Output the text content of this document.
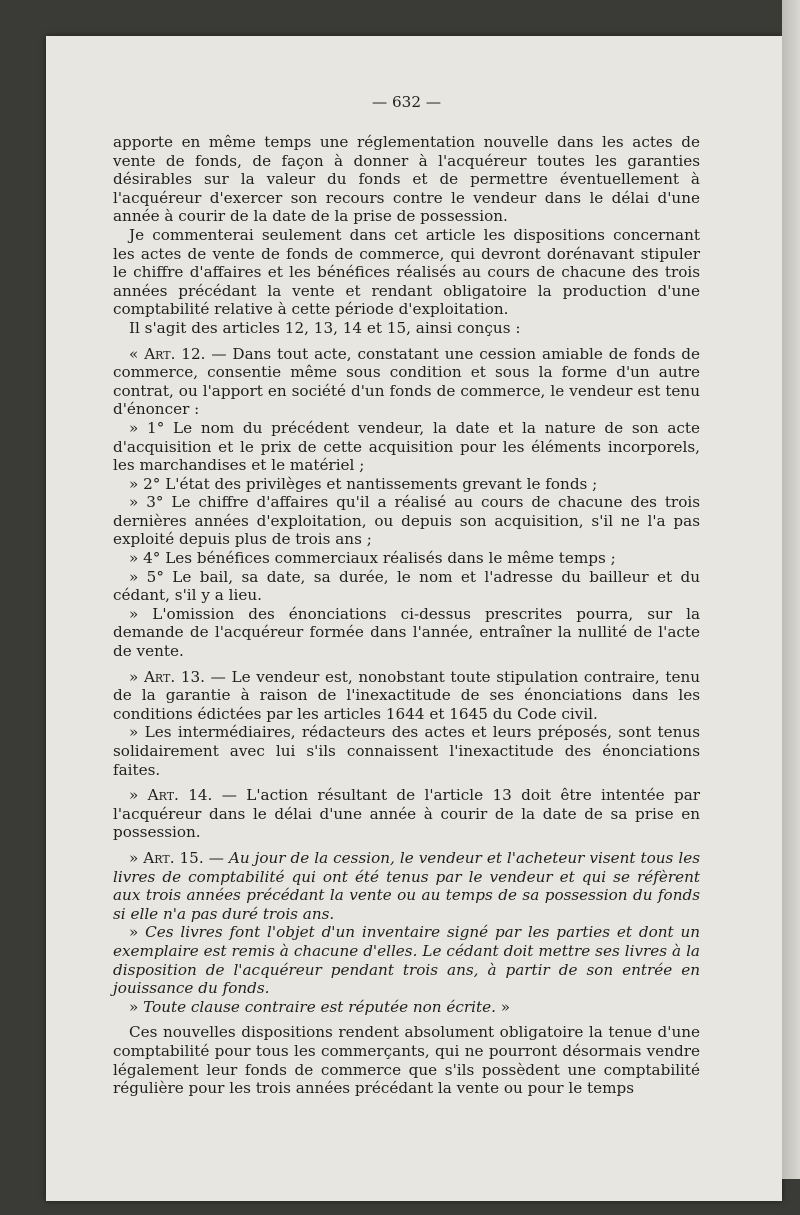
— 632 —

apporte en même temps une réglementation nouvelle dans les actes de vente de fonds, de façon à donner à l'acquéreur toutes les garanties désirables sur la valeur du fonds et de permettre éventuellement à l'acquéreur d'exercer son recours contre le vendeur dans le délai d'une année à courir de la date de la prise de possession.

Je commenterai seulement dans cet article les dispositions concernant les actes de vente de fonds de commerce, qui devront dorénavant stipuler le chiffre d'affaires et les bénéfices réalisés au cours de chacune des trois années précédant la vente et rendant obligatoire la production d'une comptabilité relative à cette période d'exploitation.

Il s'agit des articles 12, 13, 14 et 15, ainsi conçus :

« Art. 12. — Dans tout acte, constatant une cession amiable de fonds de commerce, consentie même sous condition et sous la forme d'un autre contrat, ou l'apport en société d'un fonds de commerce, le vendeur est tenu d'énoncer :

» 1° Le nom du précédent vendeur, la date et la nature de son acte d'acquisition et le prix de cette acquisition pour les éléments incorporels, les marchandises et le matériel ;

» 2° L'état des privilèges et nantissements grevant le fonds ;

» 3° Le chiffre d'affaires qu'il a réalisé au cours de chacune des trois dernières années d'exploitation, ou depuis son acquisition, s'il ne l'a pas exploité depuis plus de trois ans ;

» 4° Les bénéfices commerciaux réalisés dans le même temps ;

» 5° Le bail, sa date, sa durée, le nom et l'adresse du bailleur et du cédant, s'il y a lieu.

» L'omission des énonciations ci-dessus prescrites pourra, sur la demande de l'acquéreur formée dans l'année, entraîner la nullité de l'acte de vente.

» Art. 13. — Le vendeur est, nonobstant toute stipulation contraire, tenu de la garantie à raison de l'inexactitude de ses énonciations dans les conditions édictées par les articles 1644 et 1645 du Code civil.

» Les intermédiaires, rédacteurs des actes et leurs préposés, sont tenus solidairement avec lui s'ils connaissent l'inexactitude des énonciations faites.

» Art. 14. — L'action résultant de l'article 13 doit être intentée par l'acquéreur dans le délai d'une année à courir de la date de sa prise en possession.

» Art. 15. — Au jour de la cession, le vendeur et l'acheteur visent tous les livres de comptabilité qui ont été tenus par le vendeur et qui se réfèrent aux trois années précédant la vente ou au temps de sa possession du fonds si elle n'a pas duré trois ans.

» Ces livres font l'objet d'un inventaire signé par les parties et dont un exemplaire est remis à chacune d'elles. Le cédant doit mettre ses livres à la disposition de l'acquéreur pendant trois ans, à partir de son entrée en jouissance du fonds.

» Toute clause contraire est réputée non écrite. »

Ces nouvelles dispositions rendent absolument obligatoire la tenue d'une comptabilité pour tous les commerçants, qui ne pourront désormais vendre légalement leur fonds de commerce que s'ils possèdent une comptabilité régulière pour les trois années précédant la vente ou pour le temps
